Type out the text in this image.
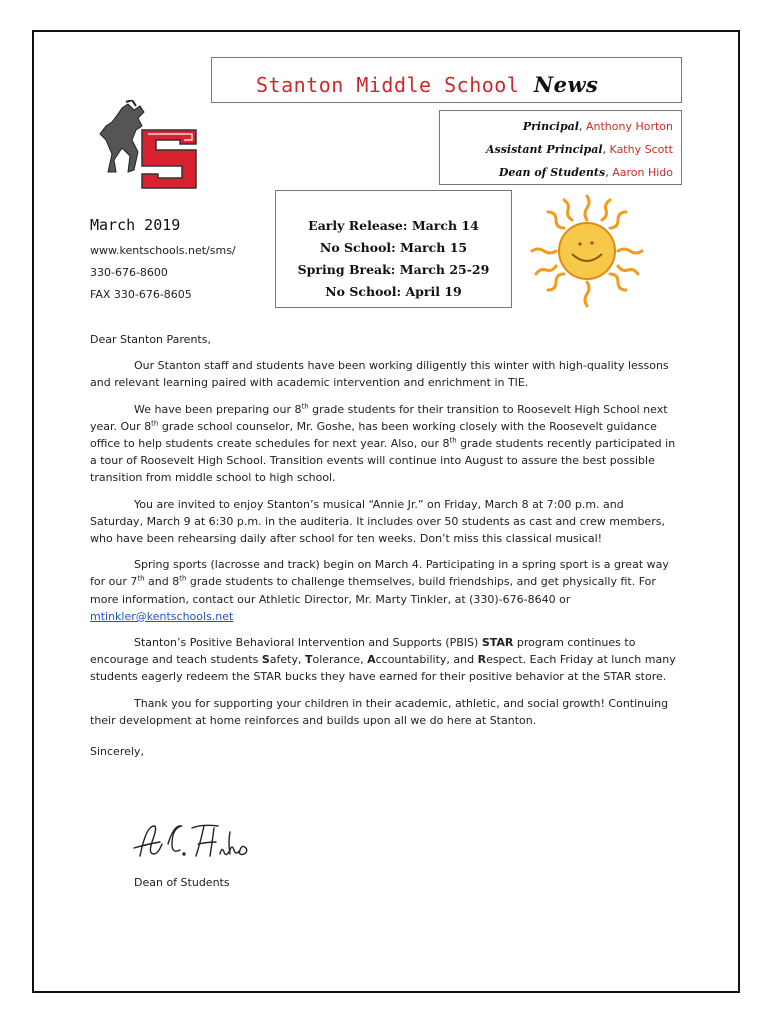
Stanton Middle School News
Principal, Anthony Horton
Assistant Principal, Kathy Scott
Dean of Students, Aaron Hido
March 2019
www.kentschools.net/sms/
330-676-8600
FAX 330-676-8605
Early Release: March 14
No School: March 15
Spring Break: March 25-29
No School: April 19

Dear Stanton Parents,

Our Stanton staff and students have been working diligently this winter with high-quality lessons and relevant learning paired with academic intervention and enrichment in TIE.

We have been preparing our 8th grade students for their transition to Roosevelt High School next year. Our 8th grade school counselor, Mr. Goshe, has been working closely with the Roosevelt guidance office to help students create schedules for next year. Also, our 8th grade students recently participated in a tour of Roosevelt High School. Transition events will continue into August to assure the best possible transition from middle school to high school.

You are invited to enjoy Stanton’s musical “Annie Jr.” on Friday, March 8 at 7:00 p.m. and Saturday, March 9 at 6:30 p.m. in the auditeria. It includes over 50 students as cast and crew members, who have been rehearsing daily after school for ten weeks. Don’t miss this classical musical!

Spring sports (lacrosse and track) begin on March 4. Participating in a spring sport is a great way for our 7th and 8th grade students to challenge themselves, build friendships, and get physically fit. For more information, contact our Athletic Director, Mr. Marty Tinkler, at (330)-676-8640 or mtinkler@kentschools.net

Stanton’s Positive Behavioral Intervention and Supports (PBIS) STAR program continues to encourage and teach students Safety, Tolerance, Accountability, and Respect. Each Friday at lunch many students eagerly redeem the STAR bucks they have earned for their positive behavior at the STAR store.

Thank you for supporting your children in their academic, athletic, and social growth! Continuing their development at home reinforces and builds upon all we do here at Stanton.

Sincerely,

Dean of Students
